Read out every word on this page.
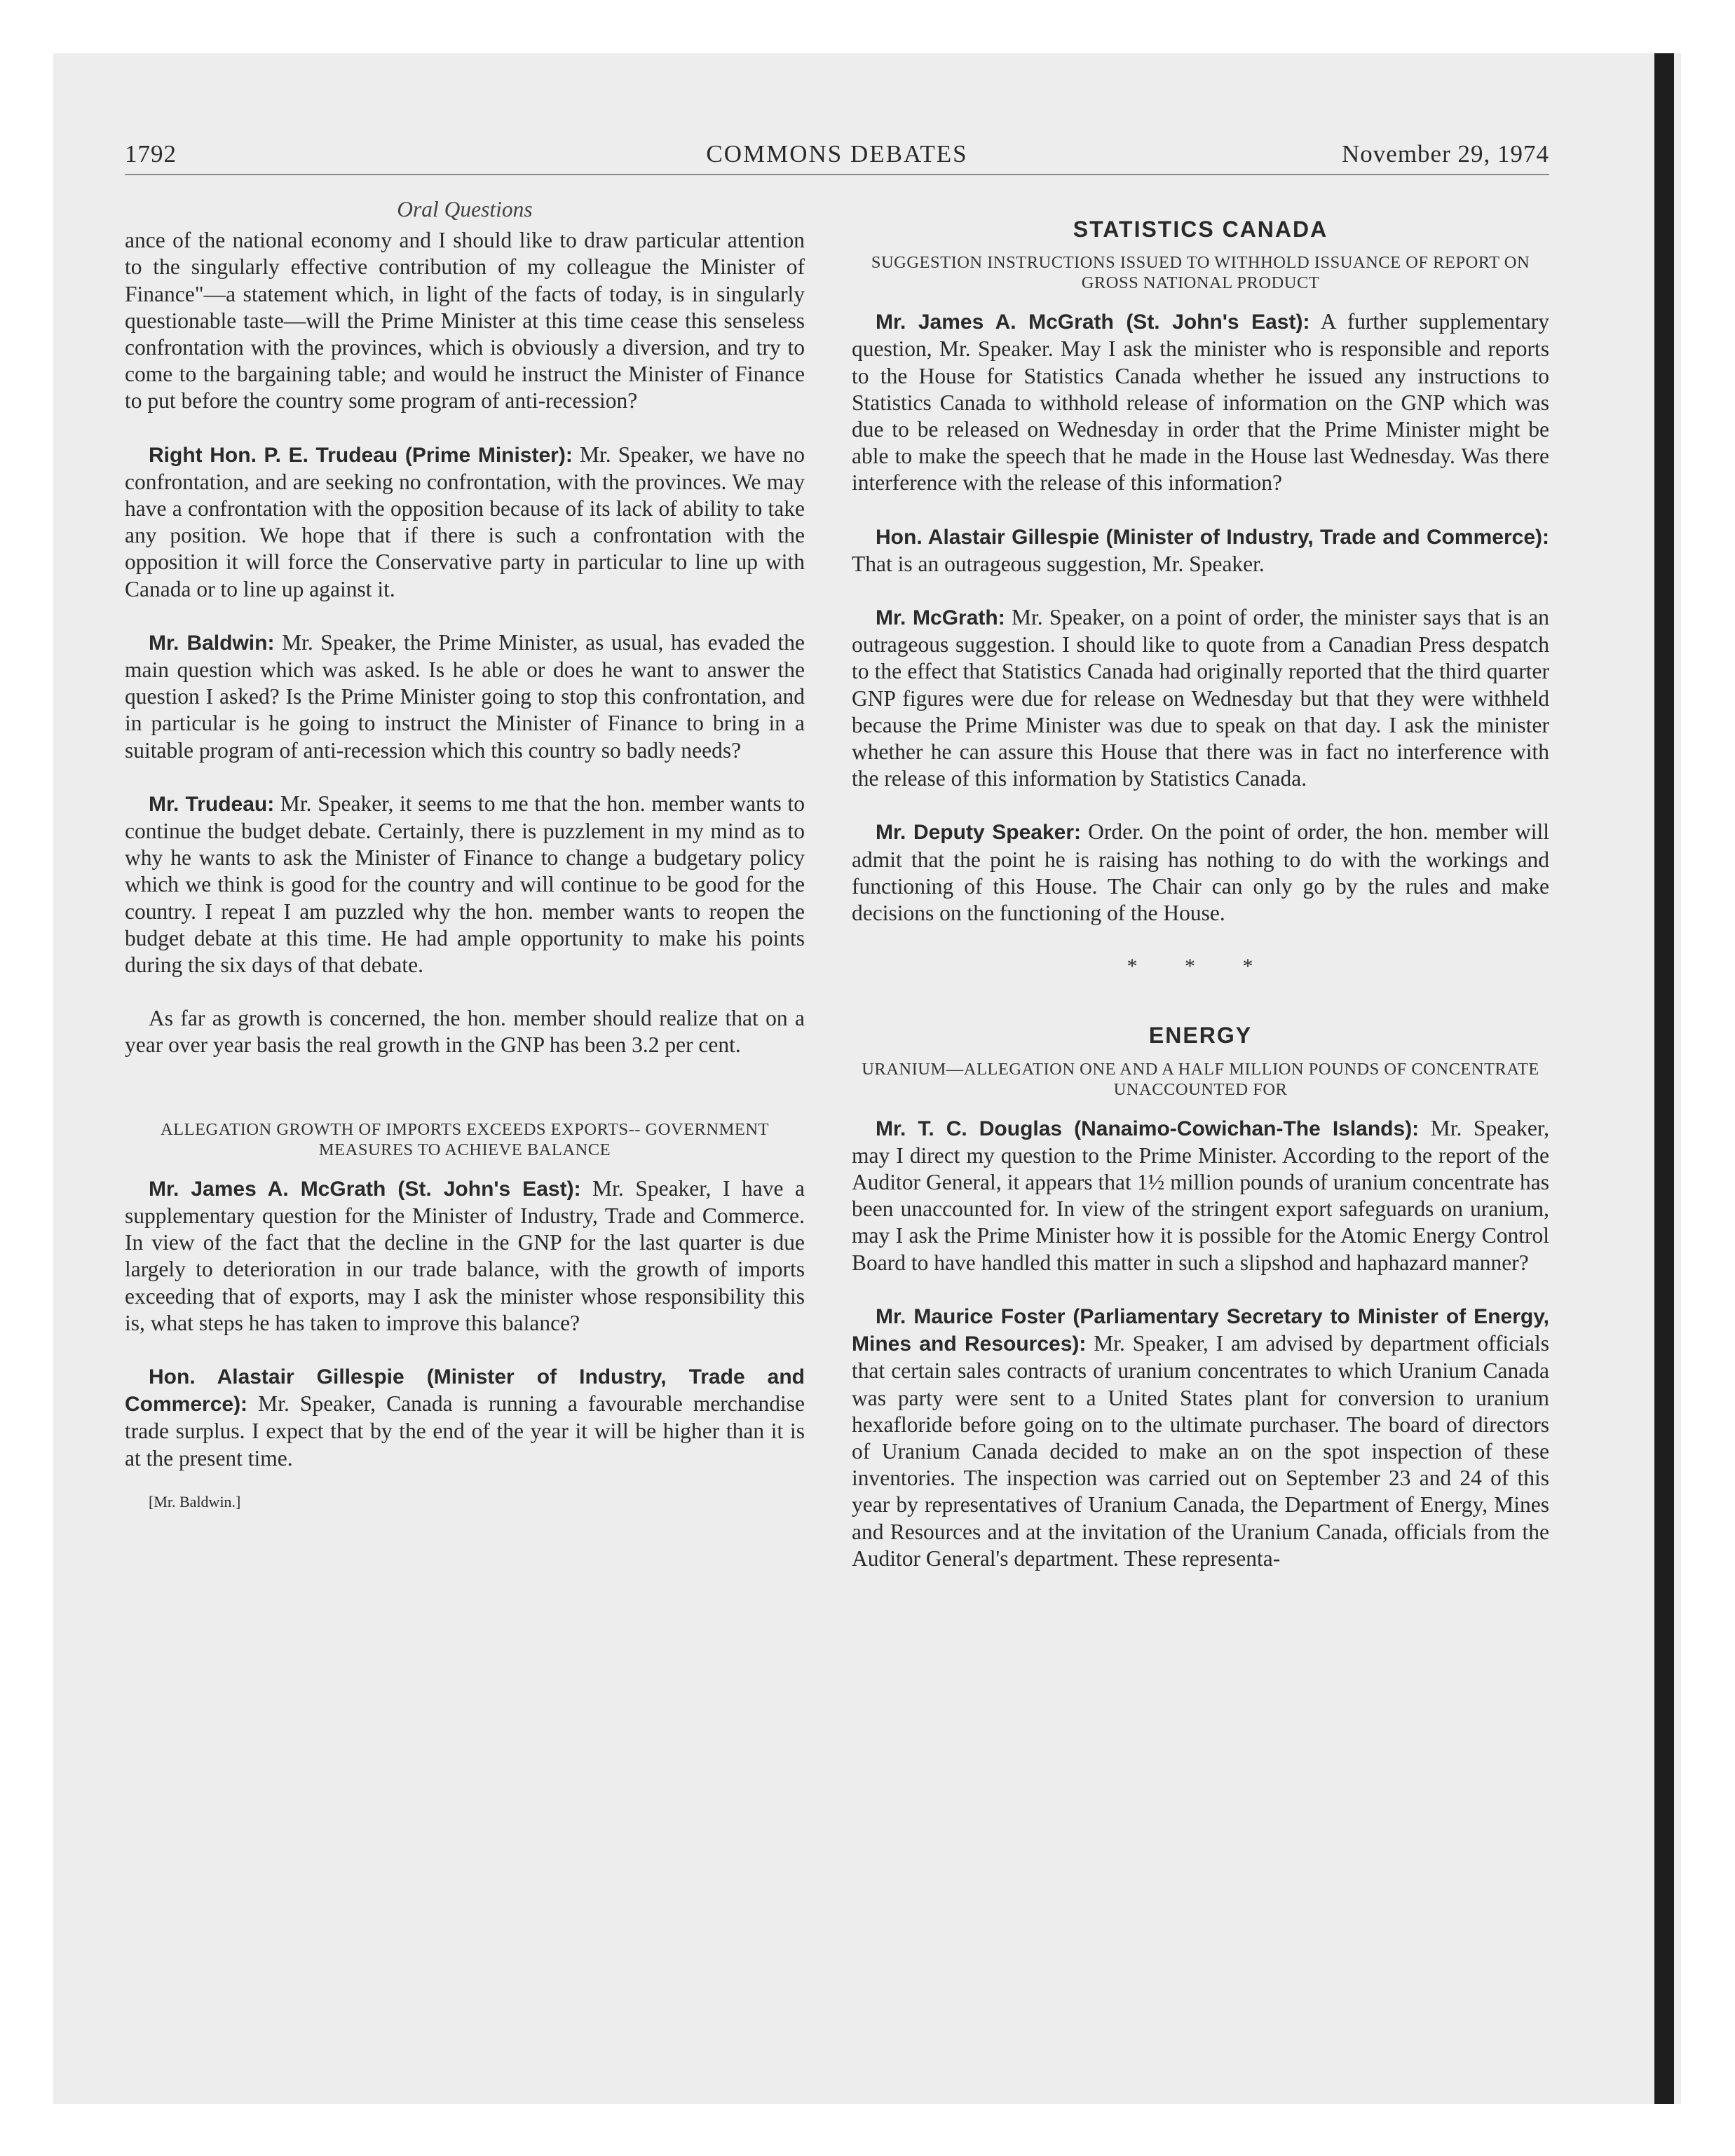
1792	COMMONS DEBATES	November 29, 1974
Oral Questions

ance of the national economy and I should like to draw particular attention to the singularly effective contribution of my colleague the Minister of Finance"—a statement which, in light of the facts of today, is in singularly questionable taste—will the Prime Minister at this time cease this senseless confrontation with the provinces, which is obviously a diversion, and try to come to the bargaining table; and would he instruct the Minister of Finance to put before the country some program of anti-recession?

Right Hon. P. E. Trudeau (Prime Minister): Mr. Speaker, we have no confrontation, and are seeking no confrontation, with the provinces. We may have a confrontation with the opposition because of its lack of ability to take any position. We hope that if there is such a confrontation with the opposition it will force the Conservative party in particular to line up with Canada or to line up against it.

Mr. Baldwin: Mr. Speaker, the Prime Minister, as usual, has evaded the main question which was asked. Is he able or does he want to answer the question I asked? Is the Prime Minister going to stop this confrontation, and in particular is he going to instruct the Minister of Finance to bring in a suitable program of anti-recession which this country so badly needs?

Mr. Trudeau: Mr. Speaker, it seems to me that the hon. member wants to continue the budget debate. Certainly, there is puzzlement in my mind as to why he wants to ask the Minister of Finance to change a budgetary policy which we think is good for the country and will continue to be good for the country. I repeat I am puzzled why the hon. member wants to reopen the budget debate at this time. He had ample opportunity to make his points during the six days of that debate.

As far as growth is concerned, the hon. member should realize that on a year over year basis the real growth in the GNP has been 3.2 per cent.

ALLEGATION GROWTH OF IMPORTS EXCEEDS EXPORTS-- GOVERNMENT MEASURES TO ACHIEVE BALANCE

Mr. James A. McGrath (St. John's East): Mr. Speaker, I have a supplementary question for the Minister of Industry, Trade and Commerce. In view of the fact that the decline in the GNP for the last quarter is due largely to deterioration in our trade balance, with the growth of imports exceeding that of exports, may I ask the minister whose responsibility this is, what steps he has taken to improve this balance?

Hon. Alastair Gillespie (Minister of Industry, Trade and Commerce): Mr. Speaker, Canada is running a favourable merchandise trade surplus. I expect that by the end of the year it will be higher than it is at the present time.

[Mr. Baldwin.]
STATISTICS CANADA
SUGGESTION INSTRUCTIONS ISSUED TO WITHHOLD ISSUANCE OF REPORT ON GROSS NATIONAL PRODUCT

Mr. James A. McGrath (St. John's East): A further supplementary question, Mr. Speaker. May I ask the minister who is responsible and reports to the House for Statistics Canada whether he issued any instructions to Statistics Canada to withhold release of information on the GNP which was due to be released on Wednesday in order that the Prime Minister might be able to make the speech that he made in the House last Wednesday. Was there interference with the release of this information?

Hon. Alastair Gillespie (Minister of Industry, Trade and Commerce): That is an outrageous suggestion, Mr. Speaker.

Mr. McGrath: Mr. Speaker, on a point of order, the minister says that is an outrageous suggestion. I should like to quote from a Canadian Press despatch to the effect that Statistics Canada had originally reported that the third quarter GNP figures were due for release on Wednesday but that they were withheld because the Prime Minister was due to speak on that day. I ask the minister whether he can assure this House that there was in fact no interference with the release of this information by Statistics Canada.

Mr. Deputy Speaker: Order. On the point of order, the hon. member will admit that the point he is raising has nothing to do with the workings and functioning of this House. The Chair can only go by the rules and make decisions on the functioning of the House.

* * *
ENERGY
URANIUM—ALLEGATION ONE AND A HALF MILLION POUNDS OF CONCENTRATE UNACCOUNTED FOR

Mr. T. C. Douglas (Nanaimo-Cowichan-The Islands): Mr. Speaker, may I direct my question to the Prime Minister. According to the report of the Auditor General, it appears that 1½ million pounds of uranium concentrate has been unaccounted for. In view of the stringent export safeguards on uranium, may I ask the Prime Minister how it is possible for the Atomic Energy Control Board to have handled this matter in such a slipshod and haphazard manner?

Mr. Maurice Foster (Parliamentary Secretary to Minister of Energy, Mines and Resources): Mr. Speaker, I am advised by department officials that certain sales contracts of uranium concentrates to which Uranium Canada was party were sent to a United States plant for conversion to uranium hexafloride before going on to the ultimate purchaser. The board of directors of Uranium Canada decided to make an on the spot inspection of these inventories. The inspection was carried out on September 23 and 24 of this year by representatives of Uranium Canada, the Department of Energy, Mines and Resources and at the invitation of the Uranium Canada, officials from the Auditor General's department. These representa-
